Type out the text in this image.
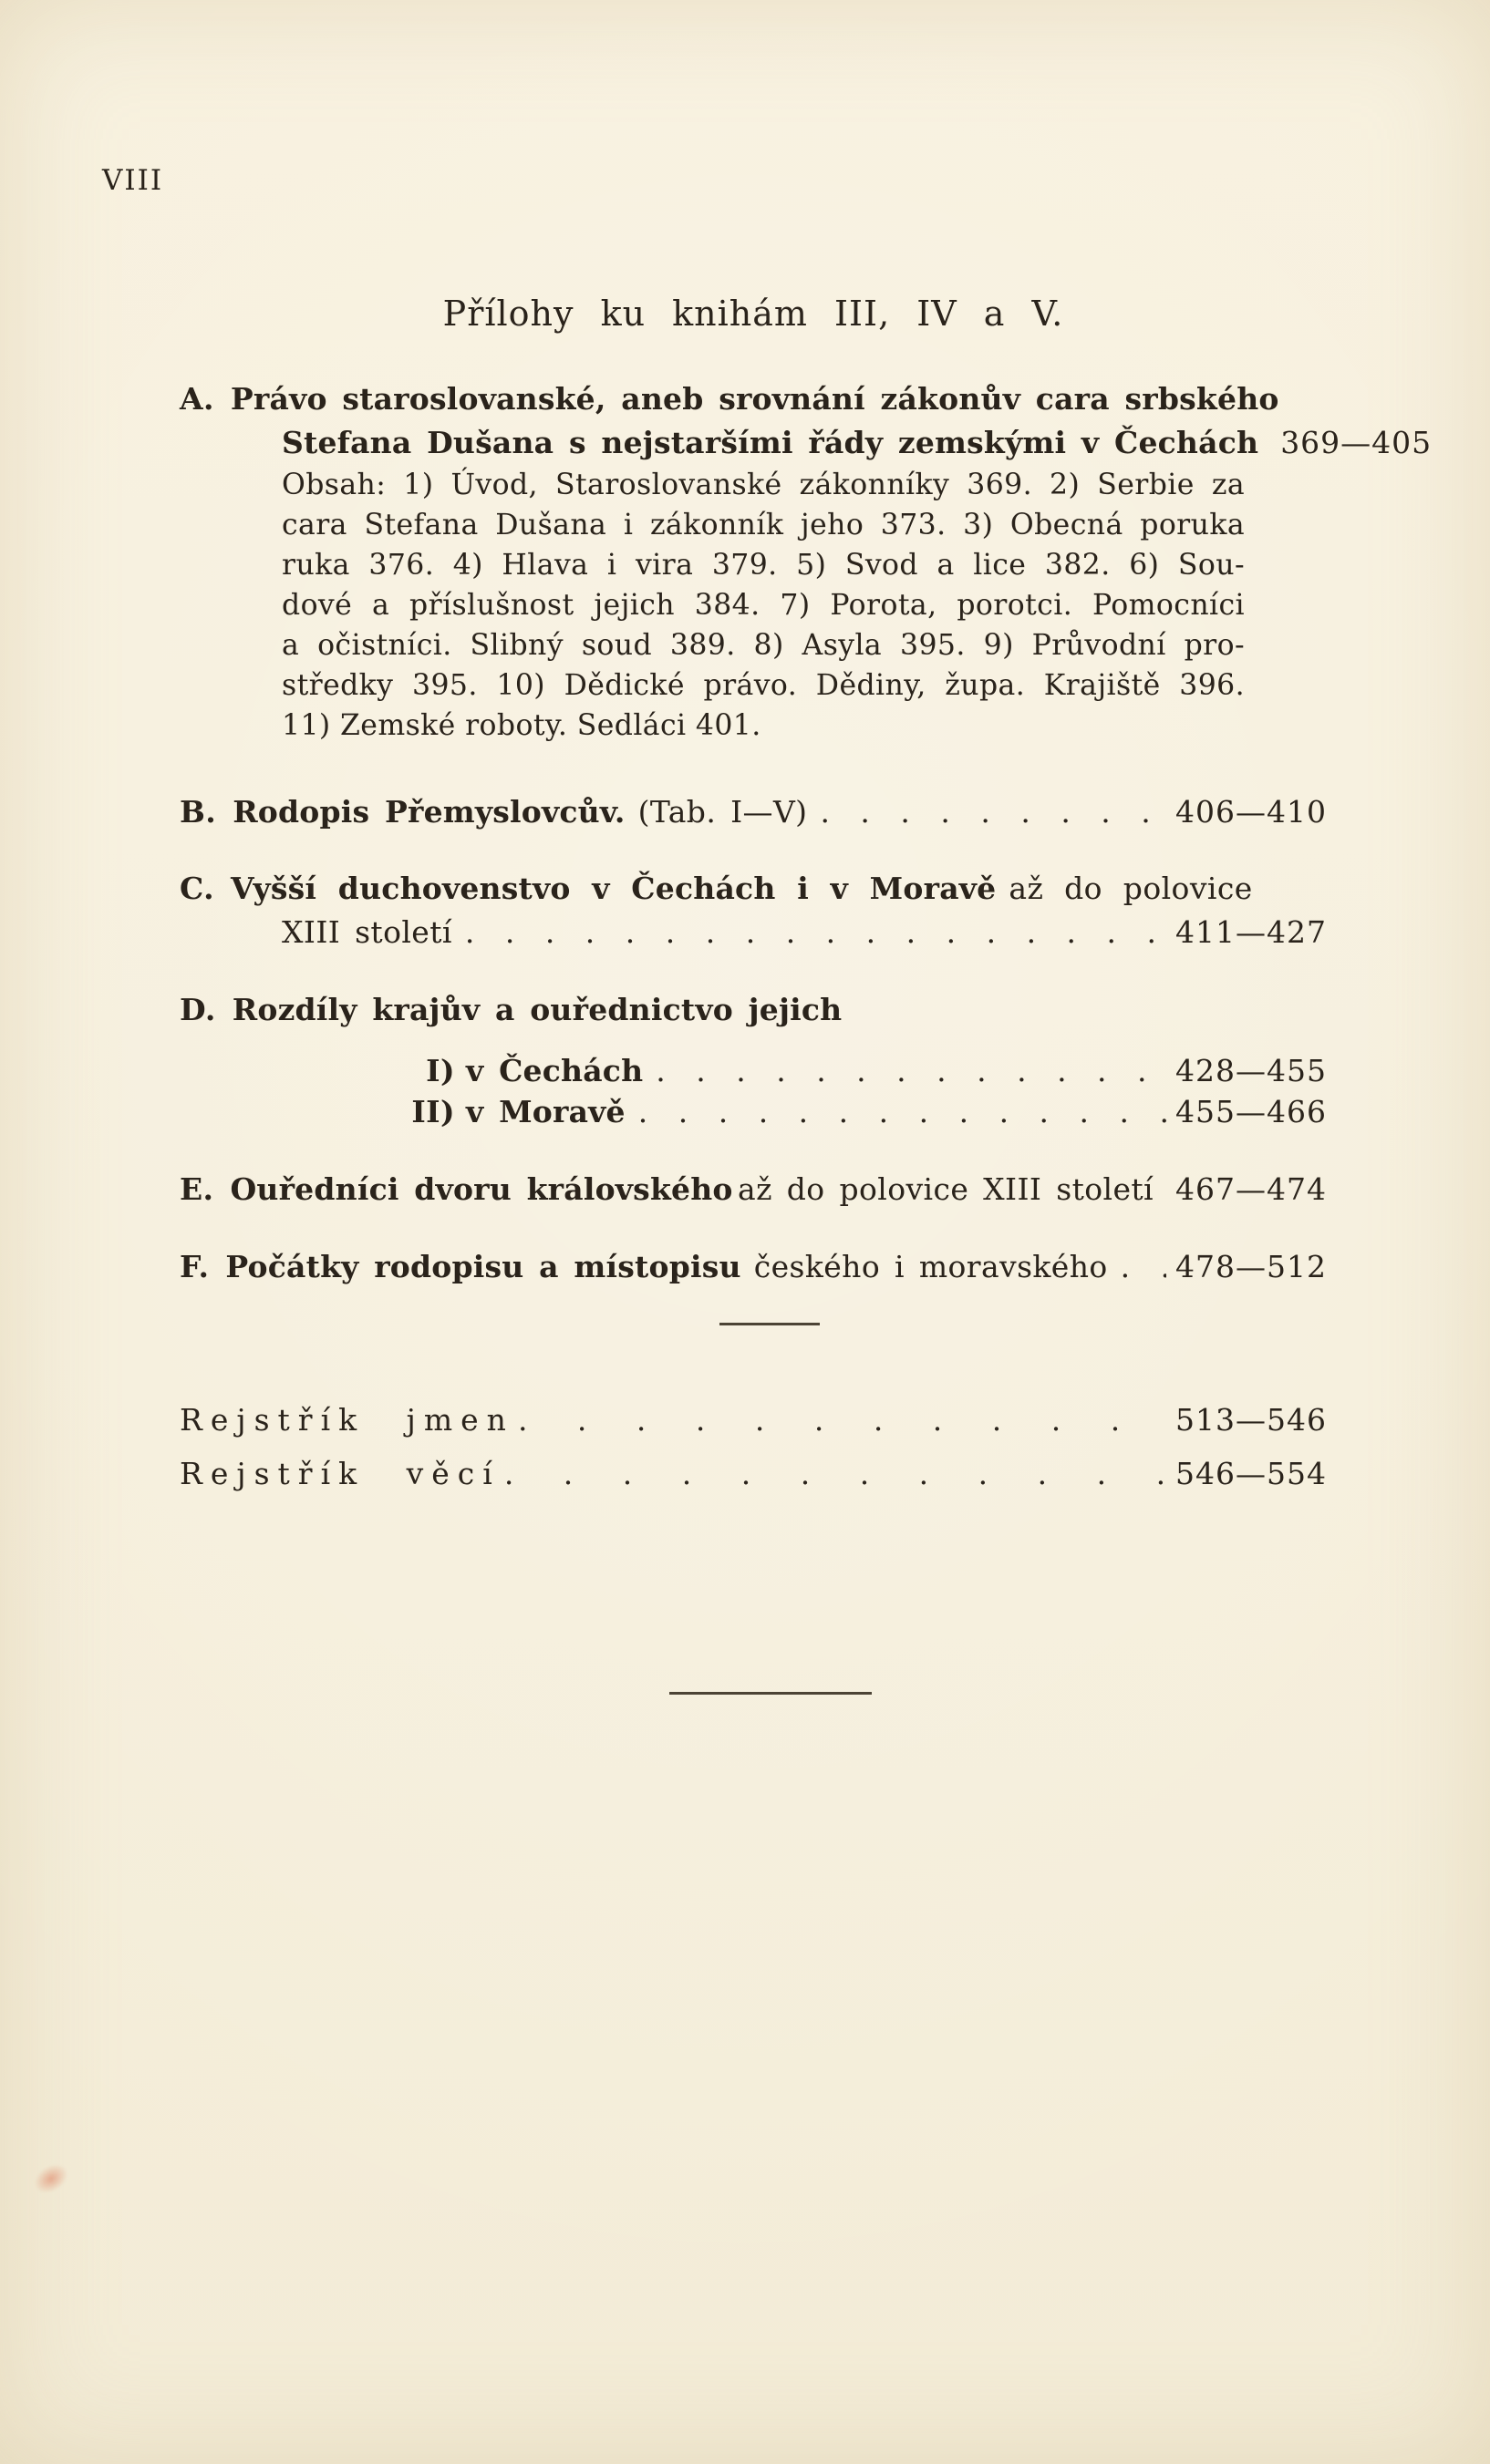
VIII
Přílohy ku knihám III, IV a V.
A. Právo staroslovanské, aneb srovnání zákonův cara srbského
Stefana Dušana s nejstaršími řády zemskými v Čechách 369—405
Obsah: 1) Úvod, Staroslovanské zákonníky 369. 2) Serbie za
cara Stefana Dušana i zákonník jeho 373. 3) Obecná poruka
ruka 376. 4) Hlava i vira 379. 5) Svod a lice 382. 6) Sou-
dové a příslušnost jejich 384. 7) Porota, porotci. Pomocníci
a očistníci. Slibný soud 389. 8) Asyla 395. 9) Průvodní pro-
středky 395. 10) Dědické právo. Dědiny, župa. Krajiště 396.
11) Zemské roboty. Sedláci 401.
B. Rodopis Přemyslovcův. (Tab. I—V) . . .	406—410
C. Vyšší duchovenstvo v Čechách i v Moravě až do polovice
XIII století . . .	411—427
D. Rozdíly krajův a ouřednictvo jejich
I) v Čechách . . .	428—455
II) v Moravě . . .	455—466
E. Ouředníci dvoru královského až do polovice XIII století 467—474
F. Počátky rodopisu a místopisu českého i moravského . . . 478—512
Rejstřík jmen . . .	513—546
Rejstřík věcí . . .	546—554
